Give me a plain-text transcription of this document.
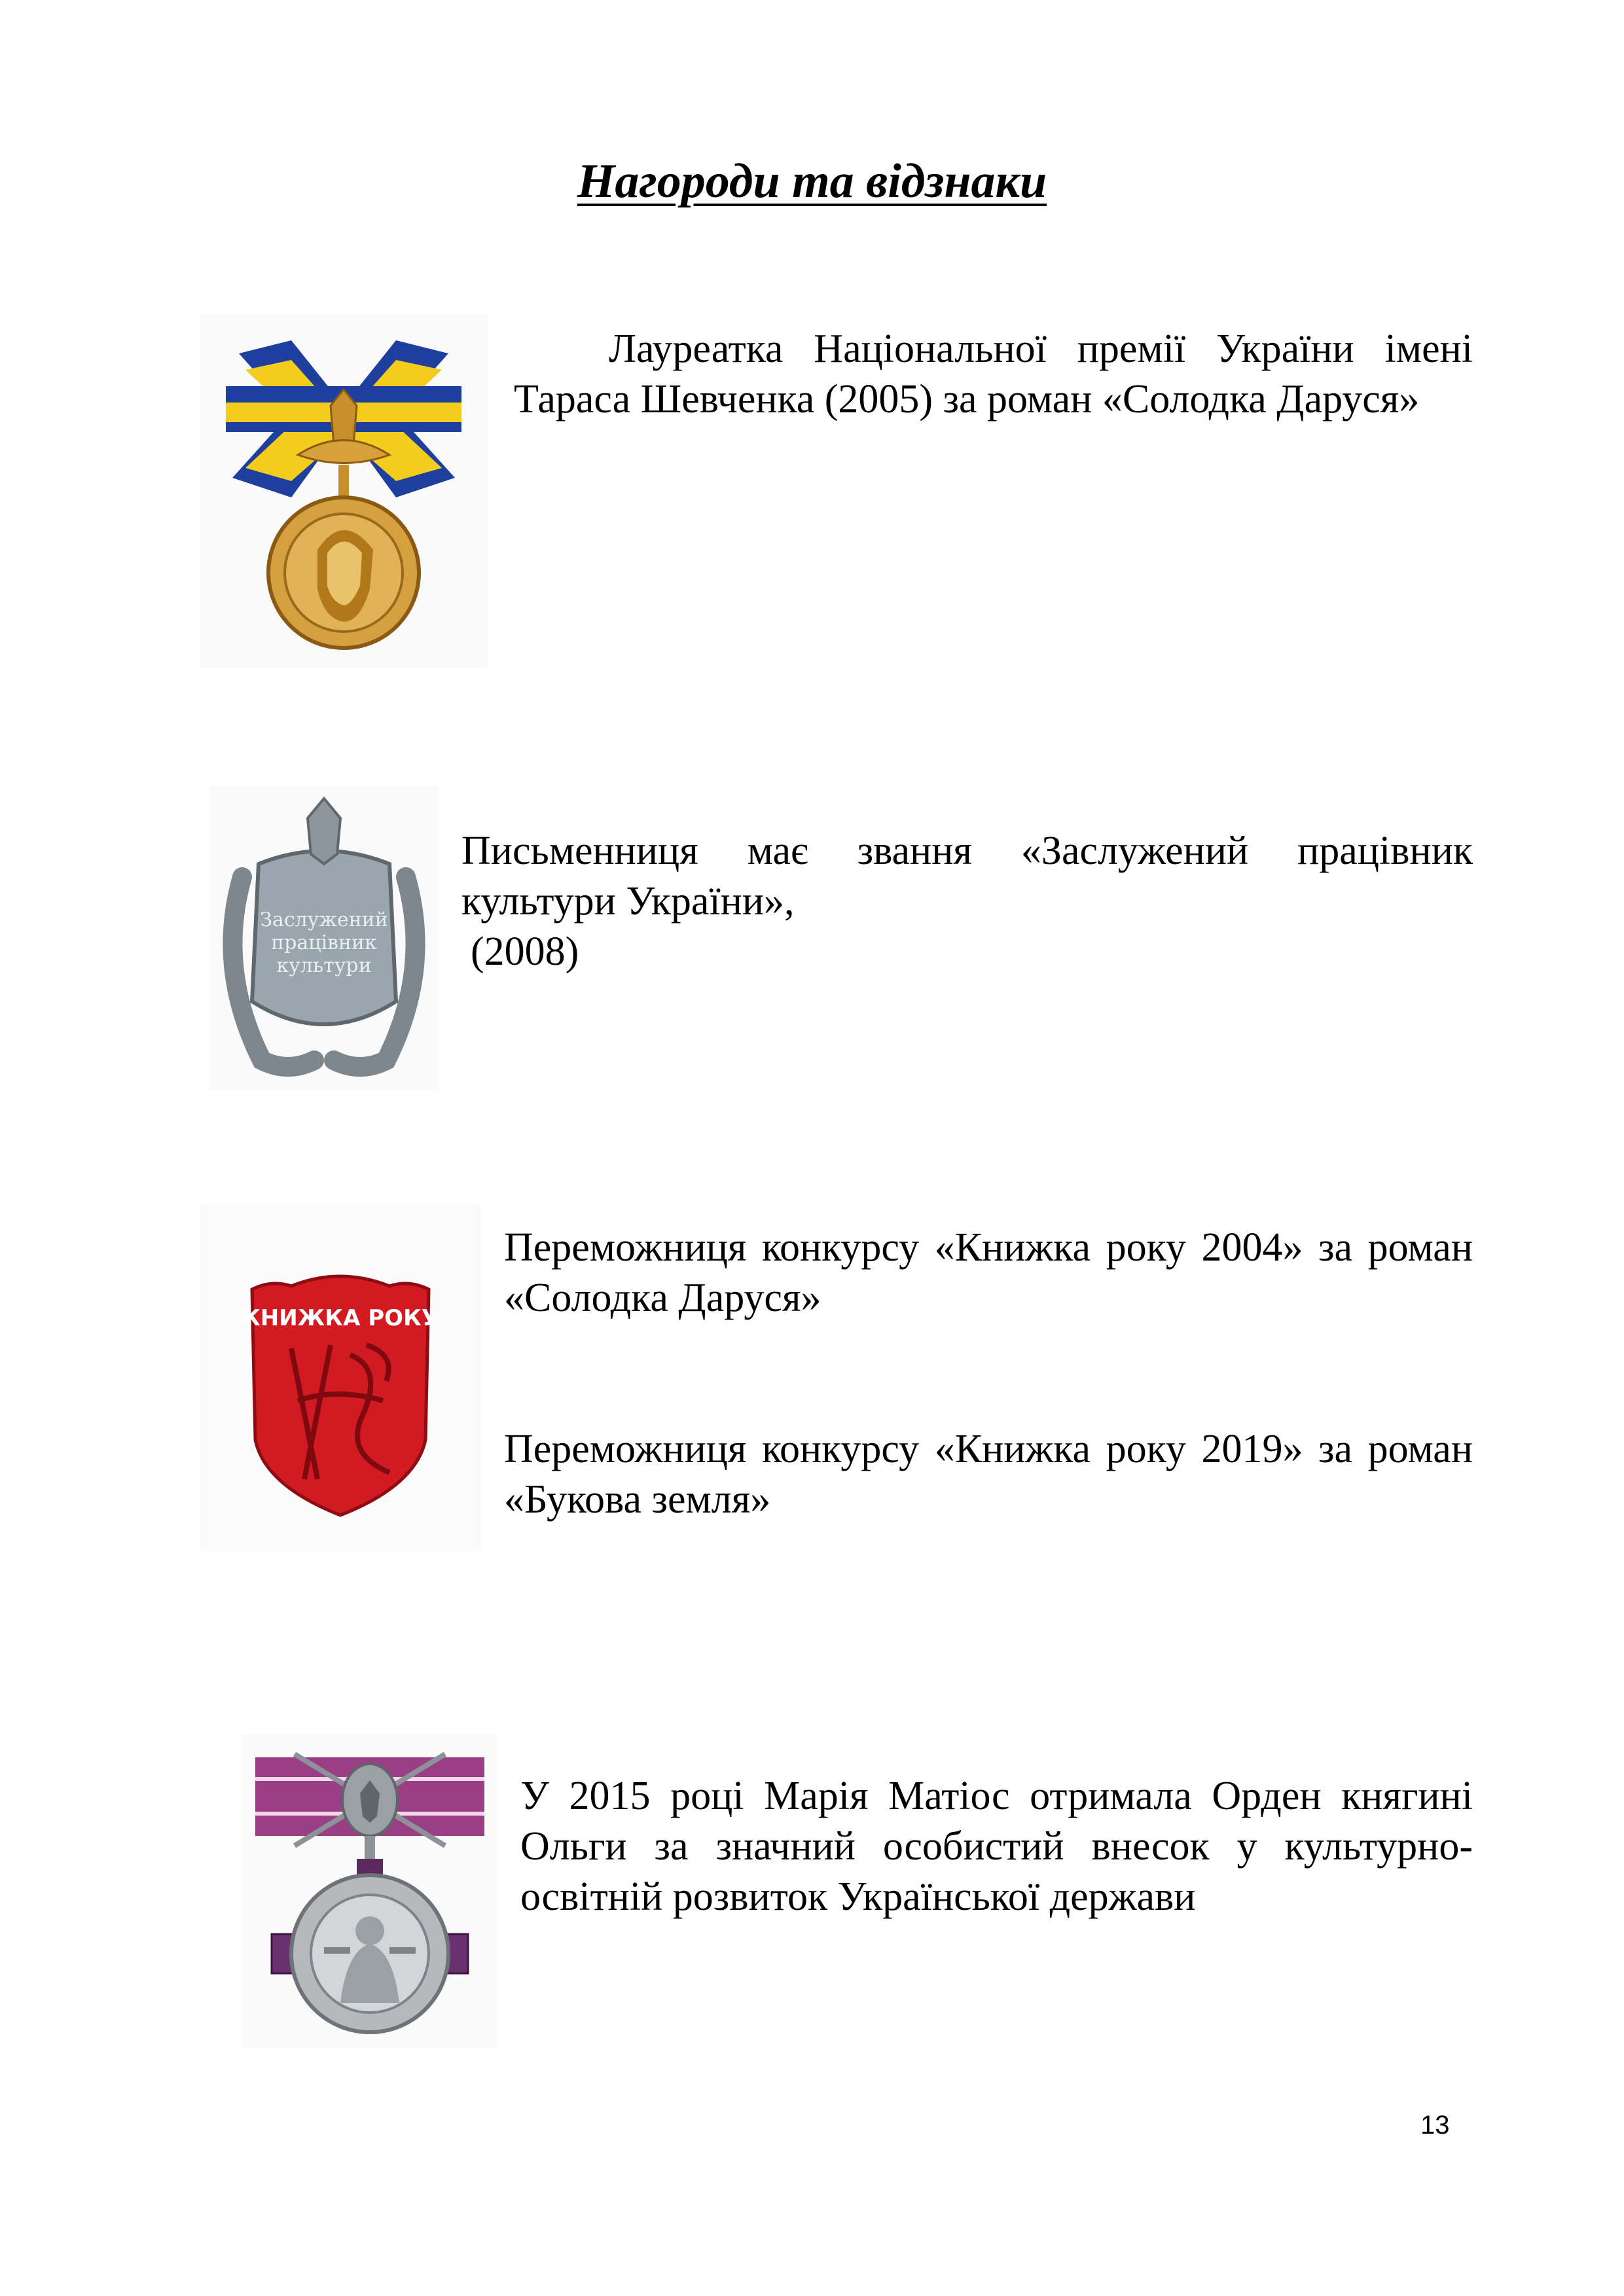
Нагороди та відзнаки

Лауреатка Національної премії України імені Тараса Шевченка (2005) за роман «Солодка Даруся»

Заслужений
працівник
культури

Письменниця має звання «Заслужений працівник культури України»,

(2008)

КНИЖКА РОКУ

Переможниця конкурсу «Книжка року 2004» за роман «Солодка Даруся»

Переможниця конкурсу «Книжка року 2019» за роман «Букова земля»

У 2015 році Марія Матіос отримала Орден княгині Ольги за значний особистий внесок у культурно-освітній розвиток Української держави

13
